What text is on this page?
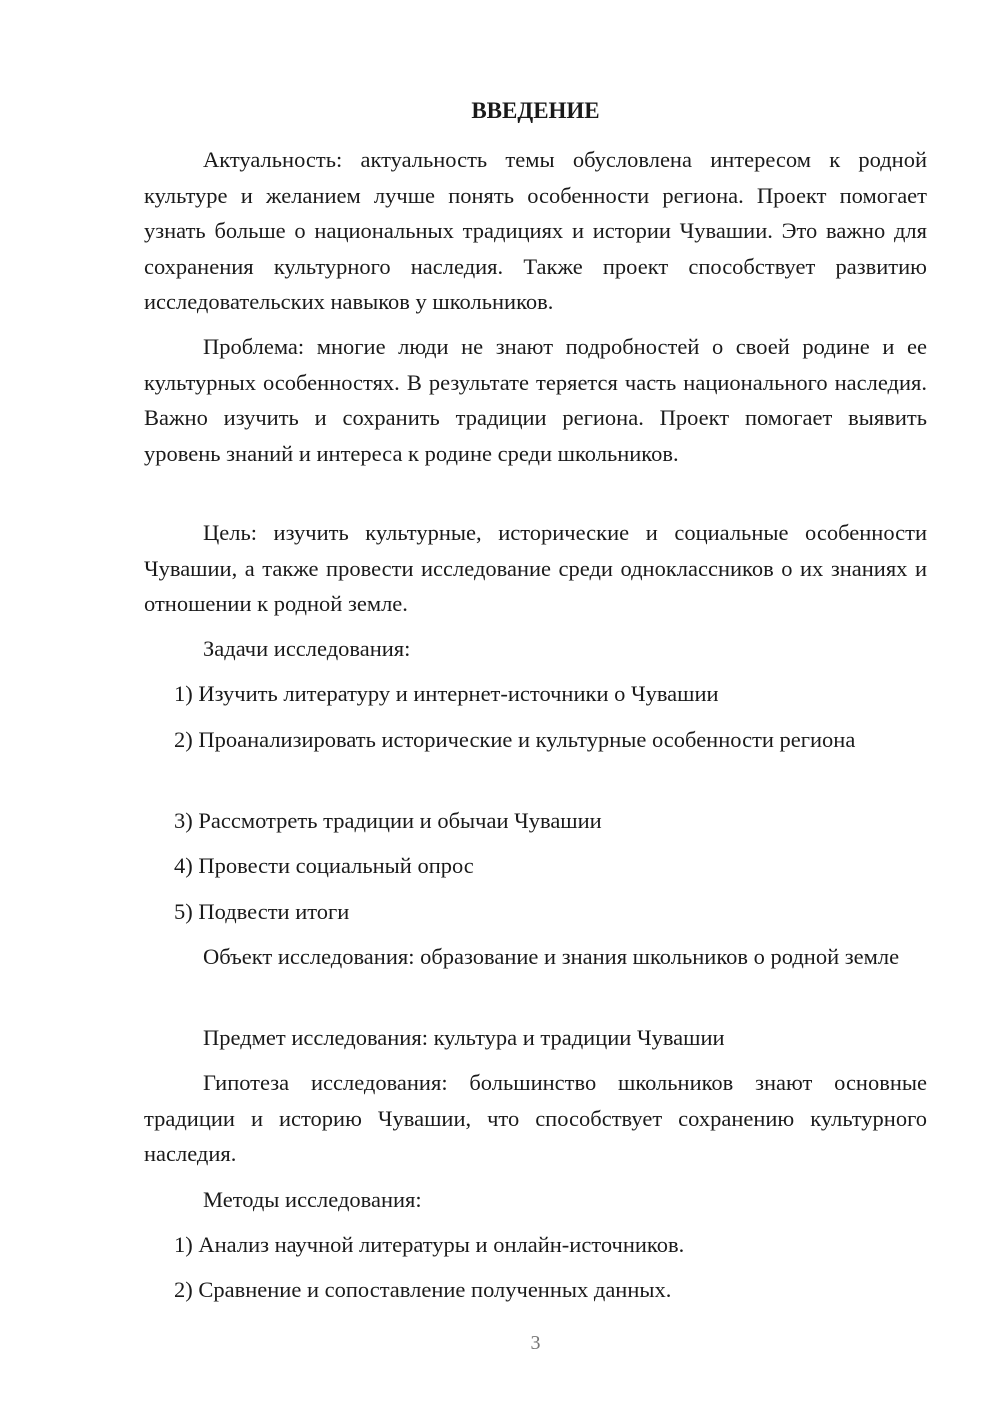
ВВЕДЕНИЕ

Актуальность: актуальность темы обусловлена интересом к родной культуре и желанием лучше понять особенности региона. Проект помогает узнать больше о национальных традициях и истории Чувашии. Это важно для сохранения культурного наследия. Также проект способствует развитию исследовательских навыков у школьников.

Проблема: многие люди не знают подробностей о своей родине и ее культурных особенностях. В результате теряется часть национального наследия. Важно изучить и сохранить традиции региона. Проект помогает выявить уровень знаний и интереса к родине среди школьников.

Цель: изучить культурные, исторические и социальные особенности Чувашии, а также провести исследование среди одноклассников о их знаниях и отношении к родной земле.

Задачи исследования:

1) Изучить литературу и интернет-источники о Чувашии

2) Проанализировать исторические и культурные особенности региона

3) Рассмотреть традиции и обычаи Чувашии

4) Провести социальный опрос

5) Подвести итоги

Объект исследования: образование и знания школьников о родной земле

Предмет исследования: культура и традиции Чувашии

Гипотеза исследования: большинство школьников знают основные традиции и историю Чувашии, что способствует сохранению культурного наследия.

Методы исследования:

1) Анализ научной литературы и онлайн-источников.

2) Сравнение и сопоставление полученных данных.

3
